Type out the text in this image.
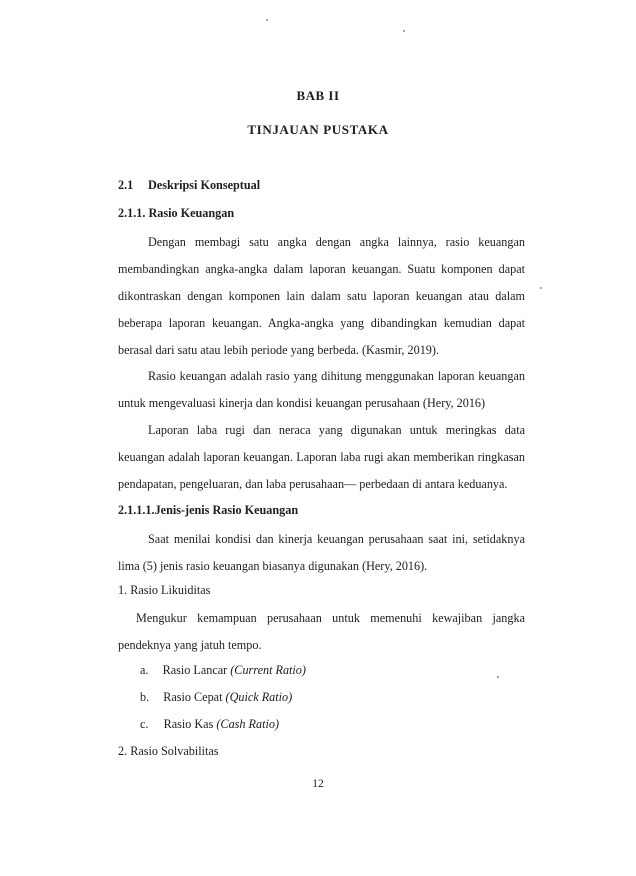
BAB II
TINJAUAN PUSTAKA
2.1 Deskripsi Konseptual
2.1.1. Rasio Keuangan

Dengan membagi satu angka dengan angka lainnya, rasio keuangan membandingkan angka-angka dalam laporan keuangan. Suatu komponen dapat dikontraskan dengan komponen lain dalam satu laporan keuangan atau dalam beberapa laporan keuangan. Angka-angka yang dibandingkan kemudian dapat berasal dari satu atau lebih periode yang berbeda. (Kasmir, 2019).

Rasio keuangan adalah rasio yang dihitung menggunakan laporan keuangan untuk mengevaluasi kinerja dan kondisi keuangan perusahaan (Hery, 2016)

Laporan laba rugi dan neraca yang digunakan untuk meringkas data keuangan adalah laporan keuangan. Laporan laba rugi akan memberikan ringkasan pendapatan, pengeluaran, dan laba perusahaan— perbedaan di antara keduanya.

2.1.1.1.Jenis-jenis Rasio Keuangan

Saat menilai kondisi dan kinerja keuangan perusahaan saat ini, setidaknya lima (5) jenis rasio keuangan biasanya digunakan (Hery, 2016).

1. Rasio Likuiditas

Mengukur kemampuan perusahaan untuk memenuhi kewajiban jangka pendeknya yang jatuh tempo.

a. Rasio Lancar (Current Ratio)
b. Rasio Cepat (Quick Ratio)
c. Rasio Kas (Cash Ratio)
2. Rasio Solvabilitas
12
